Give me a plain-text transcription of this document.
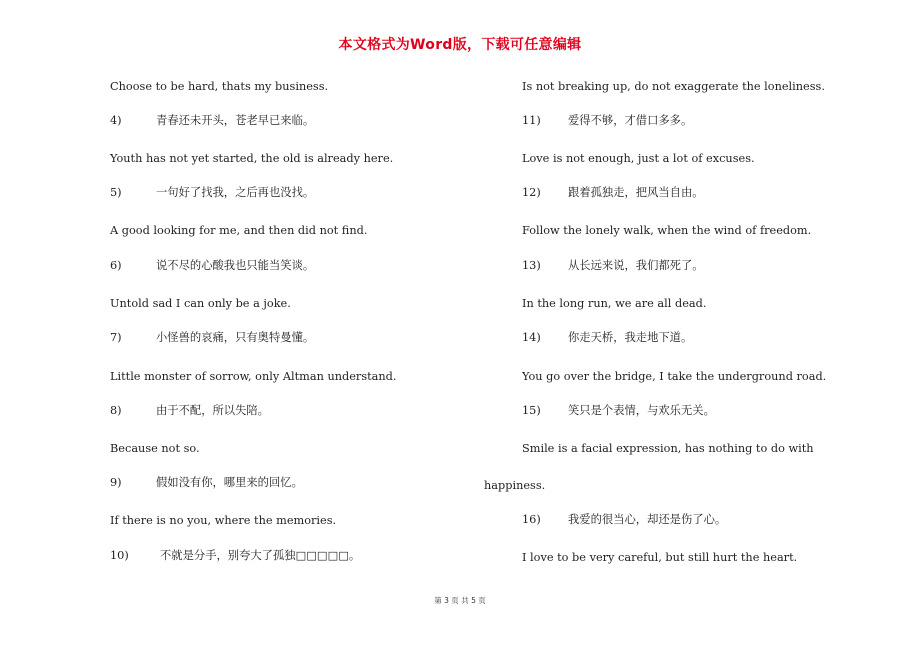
本文格式为Word版，下载可任意编辑
Choose to be hard, thats my business.
4)	青春还未开头，苍老早已来临。
Youth has not yet started, the old is already here.
5)	一句好了找我，之后再也没找。
A good looking for me, and then did not find.
6)	说不尽的心酸我也只能当笑谈。
Untold sad I can only be a joke.
7)	小怪兽的哀痛，只有奥特曼懂。
Little monster of sorrow, only Altman understand.
8)	由于不配，所以失陪。
Because not so.
9)	假如没有你，哪里来的回忆。
If there is no you, where the memories.
10)	不就是分手，别夸大了孤独□□□□□。
Is not breaking up, do not exaggerate the loneliness.
11) 爱得不够，才借口多多。
Love is not enough, just a lot of excuses.
12) 跟着孤独走，把风当自由。
Follow the lonely walk, when the wind of freedom.
13) 从长远来说，我们都死了。
In the long run, we are all dead.
14) 你走天桥，我走地下道。
You go over the bridge, I take the underground road.
15) 笑只是个表情，与欢乐无关。
Smile is a facial expression, has nothing to do with
happiness.
16) 我爱的很当心，却还是伤了心。
I love to be very careful, but still hurt the heart.
第 3 页 共 5 页
